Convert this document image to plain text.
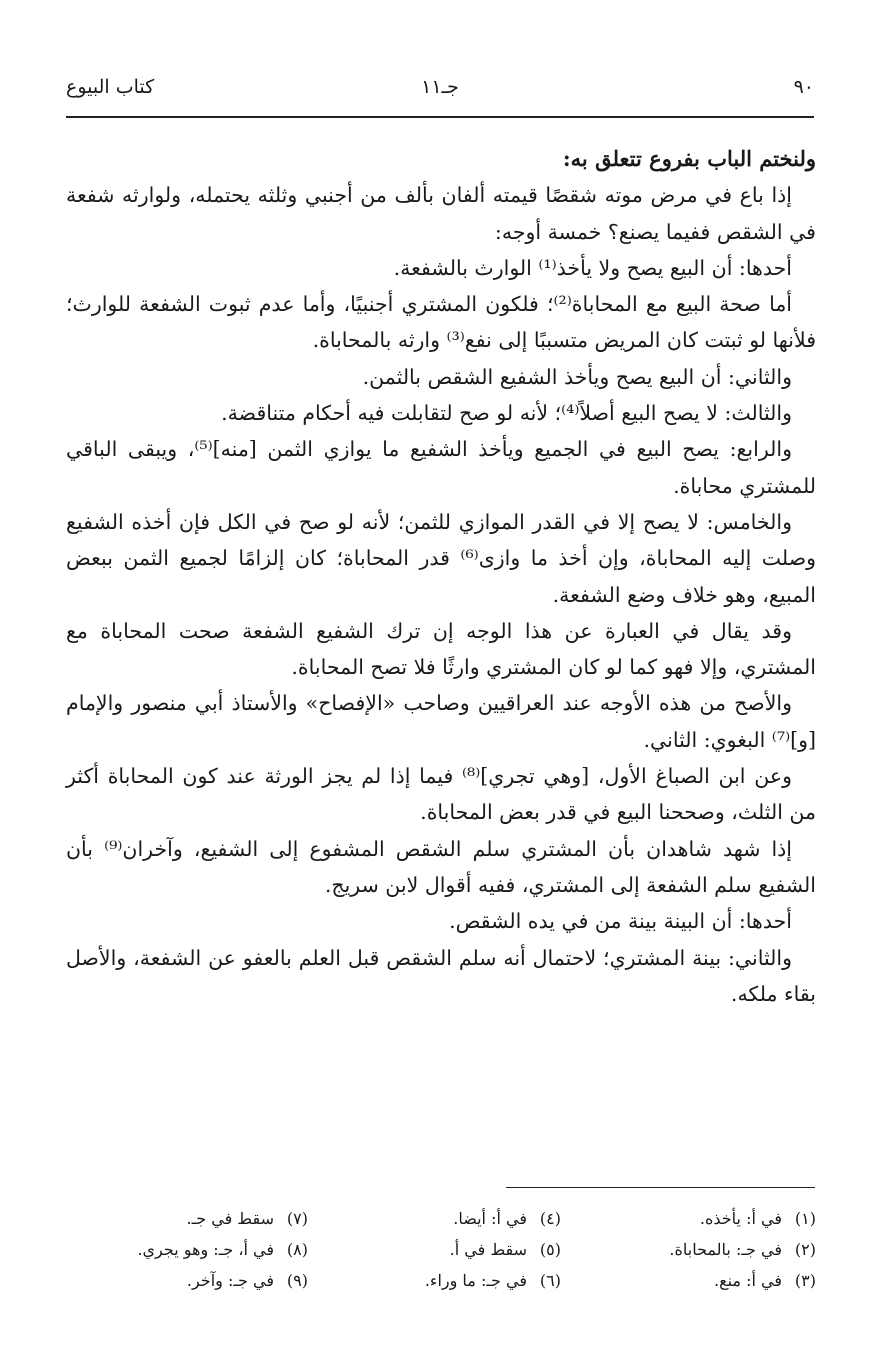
٩٠
جـ١١
كتاب البيوع

ولنختم الباب بفروع تتعلق به:

إذا باع في مرض موته شقصًا قيمته ألفان بألف من أجنبي وثلثه يحتمله، ولوارثه شفعة في الشقص ففيما يصنع؟ خمسة أوجه:

أحدها: أن البيع يصح ولا يأخذ⁽¹⁾ الوارث بالشفعة.

أما صحة البيع مع المحاباة⁽²⁾؛ فلكون المشتري أجنبيًا، وأما عدم ثبوت الشفعة للوارث؛ فلأنها لو ثبتت كان المريض متسببًا إلى نفع⁽³⁾ وارثه بالمحاباة.

والثاني: أن البيع يصح ويأخذ الشفيع الشقص بالثمن.

والثالث: لا يصح البيع أصلاً⁽⁴⁾؛ لأنه لو صح لتقابلت فيه أحكام متناقضة.

والرابع: يصح البيع في الجميع ويأخذ الشفيع ما يوازي الثمن [منه]⁽⁵⁾، ويبقى الباقي للمشتري محاباة.

والخامس: لا يصح إلا في القدر الموازي للثمن؛ لأنه لو صح في الكل فإن أخذه الشفيع وصلت إليه المحاباة، وإن أخذ ما وازى⁽⁶⁾ قدر المحاباة؛ كان إلزامًا لجميع الثمن ببعض المبيع، وهو خلاف وضع الشفعة.

وقد يقال في العبارة عن هذا الوجه إن ترك الشفيع الشفعة صحت المحاباة مع المشتري، وإلا فهو كما لو كان المشتري وارثًا فلا تصح المحاباة.

والأصح من هذه الأوجه عند العراقيين وصاحب «الإفصاح» والأستاذ أبي منصور والإمام [و]⁽⁷⁾ البغوي: الثاني.

وعن ابن الصباغ الأول، [وهي تجري]⁽⁸⁾ فيما إذا لم يجز الورثة عند كون المحاباة أكثر من الثلث، وصححنا البيع في قدر بعض المحاباة.

إذا شهد شاهدان بأن المشتري سلم الشقص المشفوع إلى الشفيع، وآخران⁽⁹⁾ بأن الشفيع سلم الشفعة إلى المشتري، ففيه أقوال لابن سريج.

أحدها: أن البينة بينة من في يده الشقص.

والثاني: بينة المشتري؛ لاحتمال أنه سلم الشقص قبل العلم بالعفو عن الشفعة، والأصل بقاء ملكه.

(١)في أ: يأخذه.
(٢)في جـ: بالمحاباة.
(٣)في أ: منع.
(٤)في أ: أيضا.
(٥)سقط في أ.
(٦)في جـ: ما وراء.
(٧)سقط في جـ.
(٨)في أ، جـ: وهو يجري.
(٩)في جـ: وآخر.
